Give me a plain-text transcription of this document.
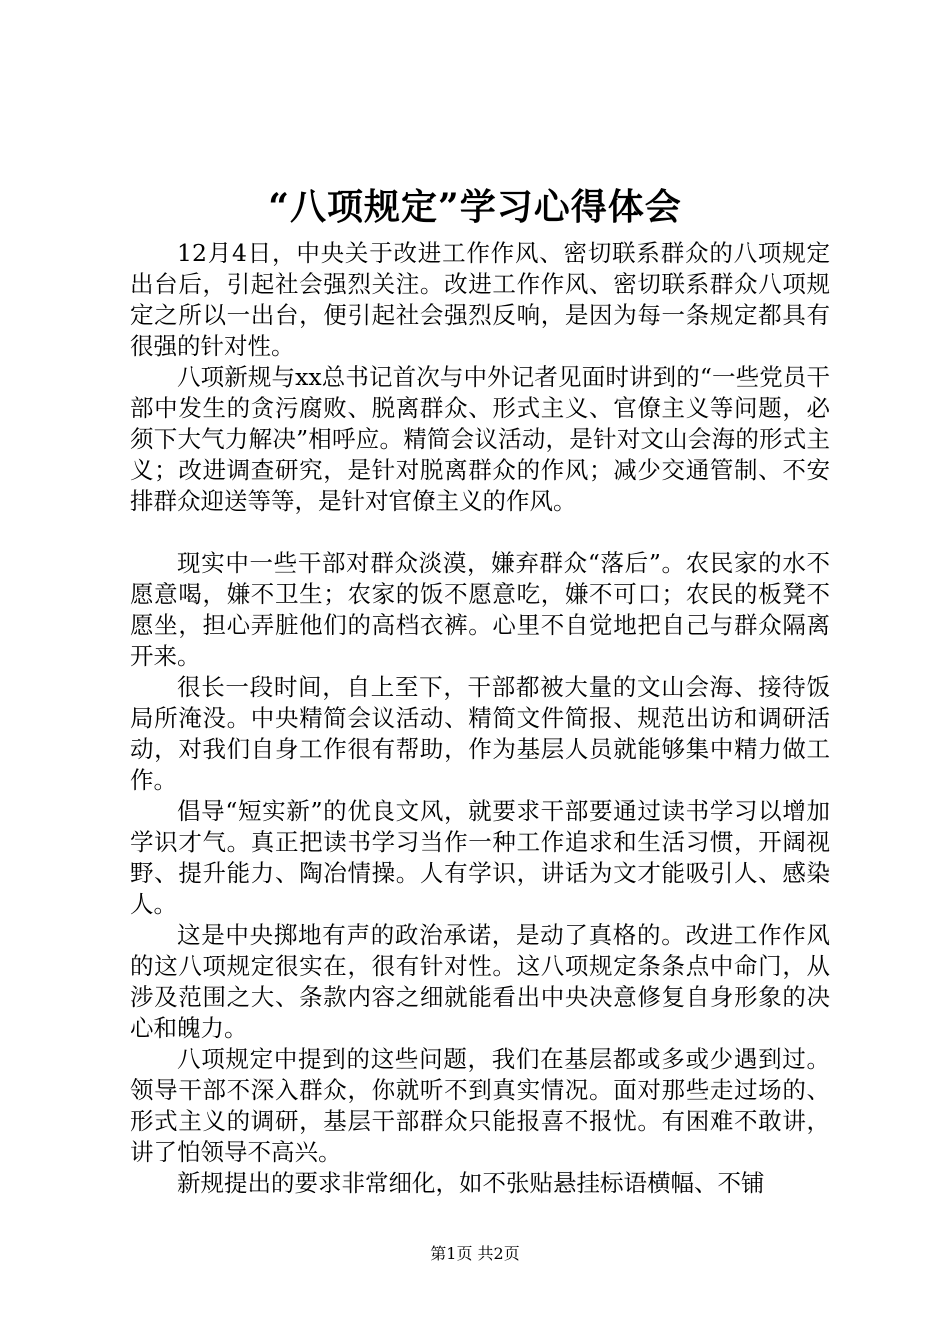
“八项规定”学习心得体会

12月4日，中央关于改进工作作风、密切联系群众的八项规定出台后，引起社会强烈关注。改进工作作风、密切联系群众八项规定之所以一出台，便引起社会强烈反响，是因为每一条规定都具有很强的针对性。

八项新规与xx总书记首次与中外记者见面时讲到的“一些党员干部中发生的贪污腐败、脱离群众、形式主义、官僚主义等问题，必须下大气力解决”相呼应。精简会议活动，是针对文山会海的形式主义；改进调查研究，是针对脱离群众的作风；减少交通管制、不安排群众迎送等等，是针对官僚主义的作风。

现实中一些干部对群众淡漠，嫌弃群众“落后”。农民家的水不愿意喝，嫌不卫生；农家的饭不愿意吃，嫌不可口；农民的板凳不愿坐，担心弄脏他们的高档衣裤。心里不自觉地把自己与群众隔离开来。

很长一段时间，自上至下，干部都被大量的文山会海、接待饭局所淹没。中央精简会议活动、精简文件简报、规范出访和调研活动，对我们自身工作很有帮助，作为基层人员就能够集中精力做工作。

倡导“短实新”的优良文风，就要求干部要通过读书学习以增加学识才气。真正把读书学习当作一种工作追求和生活习惯，开阔视野、提升能力、陶冶情操。人有学识，讲话为文才能吸引人、感染人。

这是中央掷地有声的政治承诺，是动了真格的。改进工作作风的这八项规定很实在，很有针对性。这八项规定条条点中命门，从涉及范围之大、条款内容之细就能看出中央决意修复自身形象的决心和魄力。

八项规定中提到的这些问题，我们在基层都或多或少遇到过。领导干部不深入群众，你就听不到真实情况。面对那些走过场的、形式主义的调研，基层干部群众只能报喜不报忧。有困难不敢讲，讲了怕领导不高兴。

新规提出的要求非常细化，如不张贴悬挂标语横幅、不铺

第1页 共2页
